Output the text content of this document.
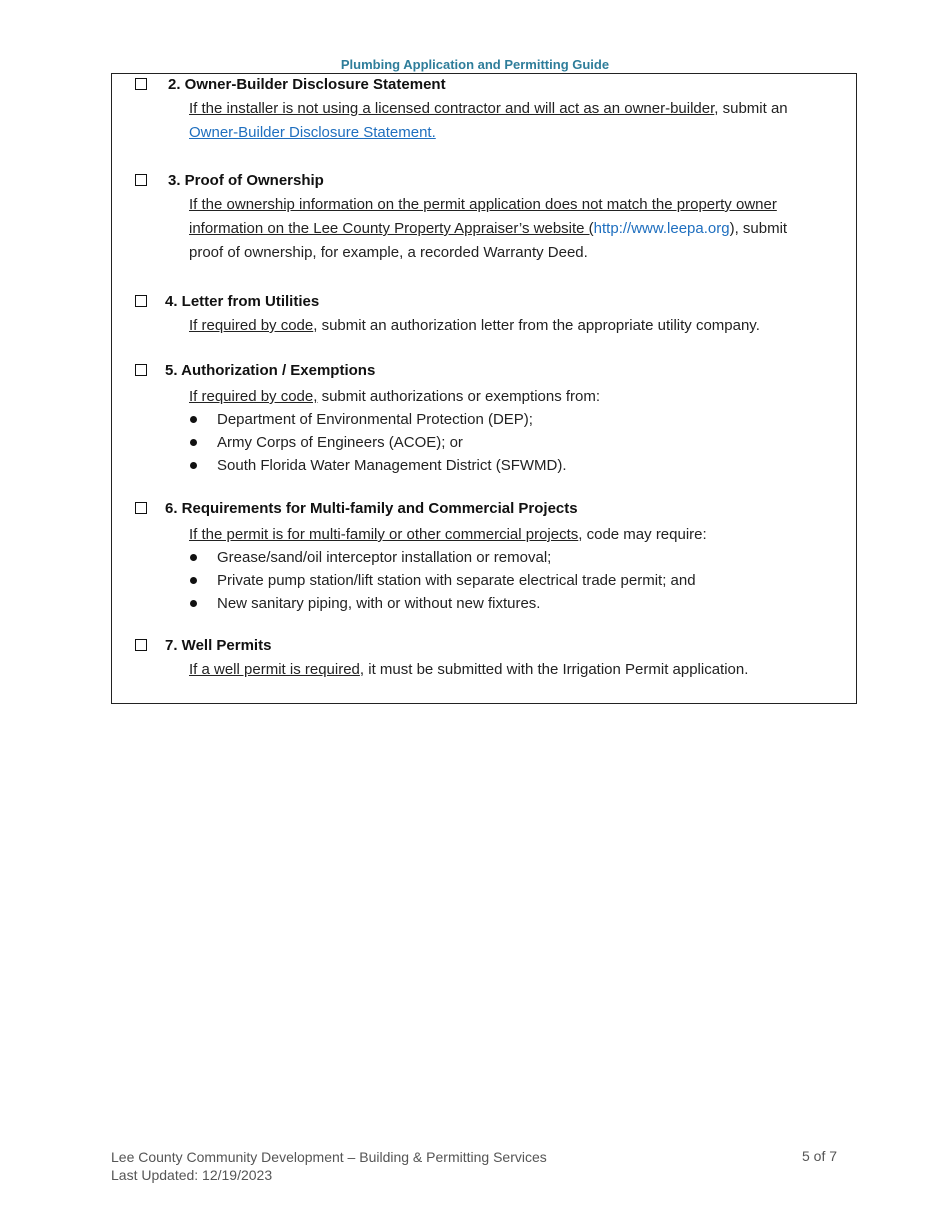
Plumbing Application and Permitting Guide
2. Owner-Builder Disclosure Statement
If the installer is not using a licensed contractor and will act as an owner-builder, submit an
Owner-Builder Disclosure Statement.
3. Proof of Ownership
If the ownership information on the permit application does not match the property owner
information on the Lee County Property Appraiser’s website (http://www.leepa.org), submit
proof of ownership, for example, a recorded Warranty Deed.
4. Letter from Utilities
If required by code, submit an authorization letter from the appropriate utility company.
5. Authorization / Exemptions
If required by code, submit authorizations or exemptions from:
Department of Environmental Protection (DEP);
Army Corps of Engineers (ACOE); or
South Florida Water Management District (SFWMD).
6. Requirements for Multi-family and Commercial Projects
If the permit is for multi-family or other commercial projects, code may require:
Grease/sand/oil interceptor installation or removal;
Private pump station/lift station with separate electrical trade permit; and
New sanitary piping, with or without new fixtures.
7. Well Permits
If a well permit is required, it must be submitted with the Irrigation Permit application.
Lee County Community Development – Building & Permitting Services
Last Updated: 12/19/2023
5 of 7
